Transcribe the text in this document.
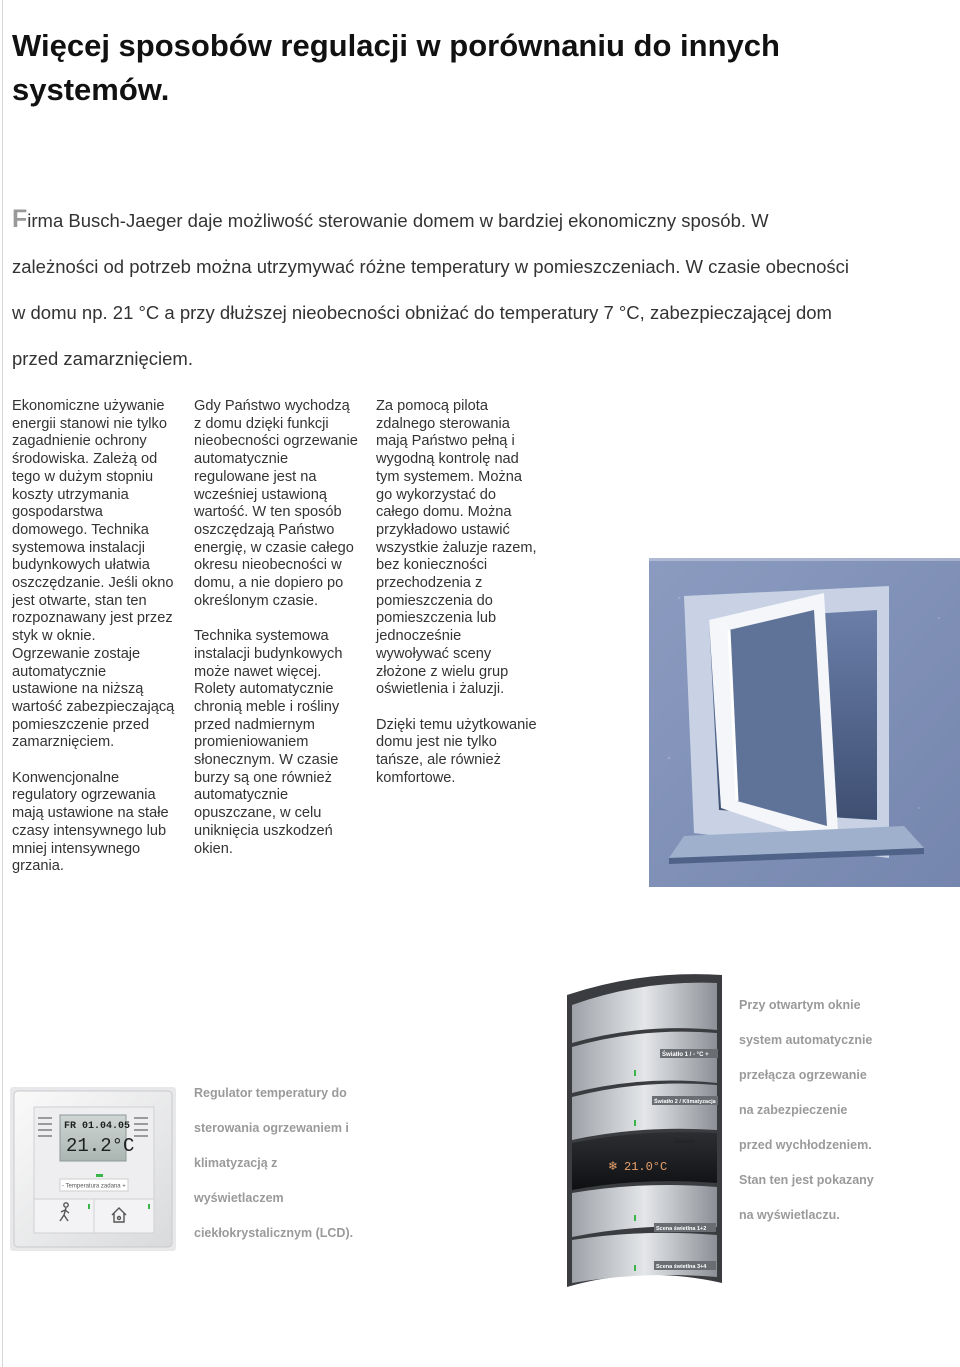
Więcej sposobów regulacji w porównaniu do innych
systemów.
Firma Busch-Jaeger daje możliwość sterowanie domem w bardziej ekonomiczny sposób. W
zależności od potrzeb można utrzymywać różne temperatury w pomieszczeniach. W czasie obecności
w domu np. 21 °C a przy dłuższej nieobecności obniżać do temperatury 7 °C, zabezpieczającej dom
przed zamarznięciem.

Ekonomiczne używanie
energii stanowi nie tylko
zagadnienie ochrony
środowiska. Zależą od
tego w dużym stopniu
koszty utrzymania
gospodarstwa
domowego. Technika
systemowa instalacji
budynkowych ułatwia
oszczędzanie. Jeśli okno
jest otwarte, stan ten
rozpoznawany jest przez
styk w oknie.
Ogrzewanie zostaje
automatycznie
ustawione na niższą
wartość zabezpieczającą
pomieszczenie przed
zamarznięciem.

Konwencjonalne
regulatory ogrzewania
mają ustawione na stałe
czasy intensywnego lub
mniej intensywnego
grzania.

Gdy Państwo wychodzą
z domu dzięki funkcji
nieobecności ogrzewanie
automatycznie
regulowane jest na
wcześniej ustawioną
wartość. W ten sposób
oszczędzają Państwo
energię, w czasie całego
okresu nieobecności w
domu, a nie dopiero po
określonym czasie.

Technika systemowa
instalacji budynkowych
może nawet więcej.
Rolety automatycznie
chronią meble i rośliny
przed nadmiernym
promieniowaniem
słonecznym. W czasie
burzy są one również
automatycznie
opuszczane, w celu
uniknięcia uszkodzeń
okien.

Za pomocą pilota
zdalnego sterowania
mają Państwo pełną i
wygodną kontrolę nad
tym systemem. Można
go wykorzystać do
całego domu. Można
przykładowo ustawić
wszystkie żaluzje razem,
bez konieczności
przechodzenia z
pomieszczenia do
pomieszczenia lub
jednocześnie
wywoływać sceny
złożone z wielu grup
oświetlenia i żaluzji.

Dzięki temu użytkowanie
domu jest nie tylko
tańsze, ale również
komfortowe.

Światło 1 / - °C +
Światło 2 / Klimatyzacja
Żaluzje
21.0°C
❄
Scena świetlna 1+2
Scena świetlna 3+4
FR 01.04.05
21.2°C
- Temperatura zadana +
Regulator temperatury do
sterowania ogrzewaniem i
klimatyzacją z
wyświetlaczem
ciekłokrystalicznym (LCD).
Przy otwartym oknie
system automatycznie
przełącza ogrzewanie
na zabezpieczenie
przed wychłodzeniem.
Stan ten jest pokazany
na wyświetlaczu.
